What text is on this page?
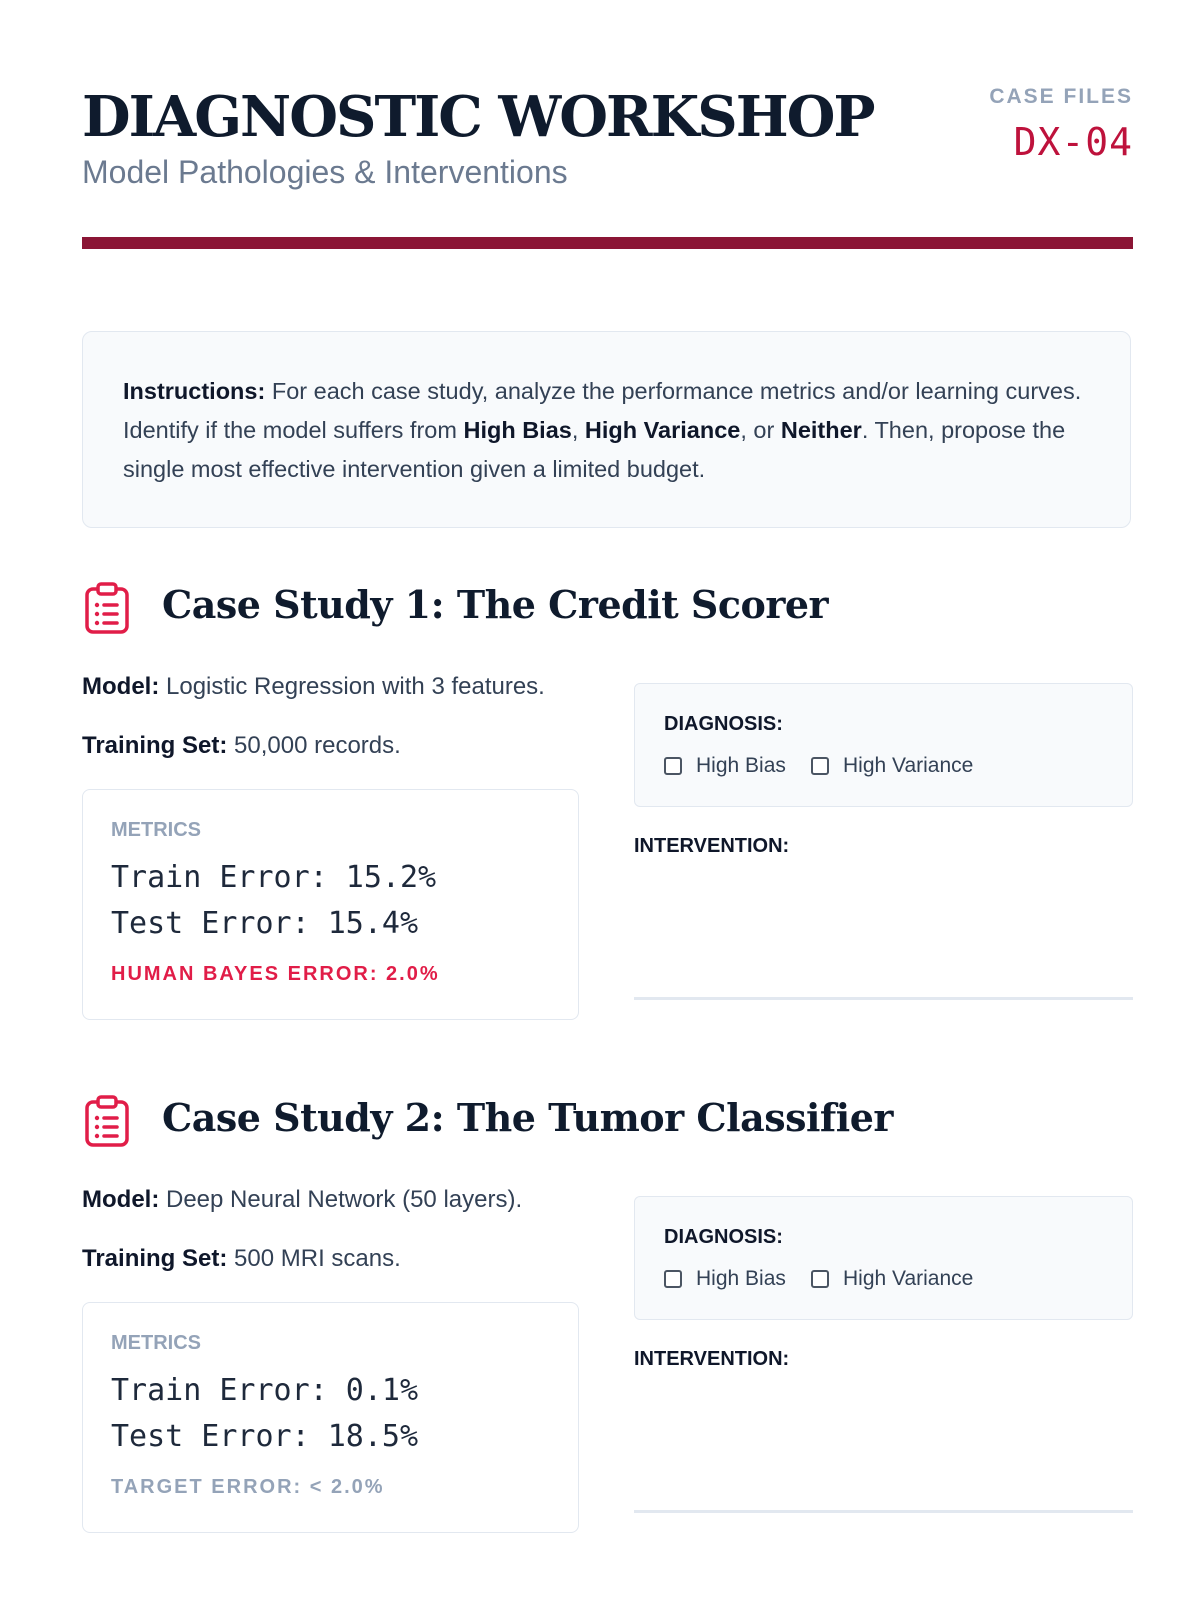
DIAGNOSTIC WORKSHOP
Model Pathologies & Interventions
CASE FILES
DX-04
Instructions: For each case study, analyze the performance metrics and/or learning curves. Identify if the model suffers from High Bias, High Variance, or Neither. Then, propose the single most effective intervention given a limited budget.
Case Study 1: The Credit Scorer
Model: Logistic Regression with 3 features.
Training Set: 50,000 records.
METRICS
Train Error: 15.2%
Test Error: 15.4%
HUMAN BAYES ERROR: 2.0%
DIAGNOSIS:
High Bias	High Variance
INTERVENTION:
Case Study 2: The Tumor Classifier
Model: Deep Neural Network (50 layers).
Training Set: 500 MRI scans.
METRICS
Train Error: 0.1%
Test Error: 18.5%
TARGET ERROR: < 2.0%
DIAGNOSIS:
High Bias	High Variance
INTERVENTION:
